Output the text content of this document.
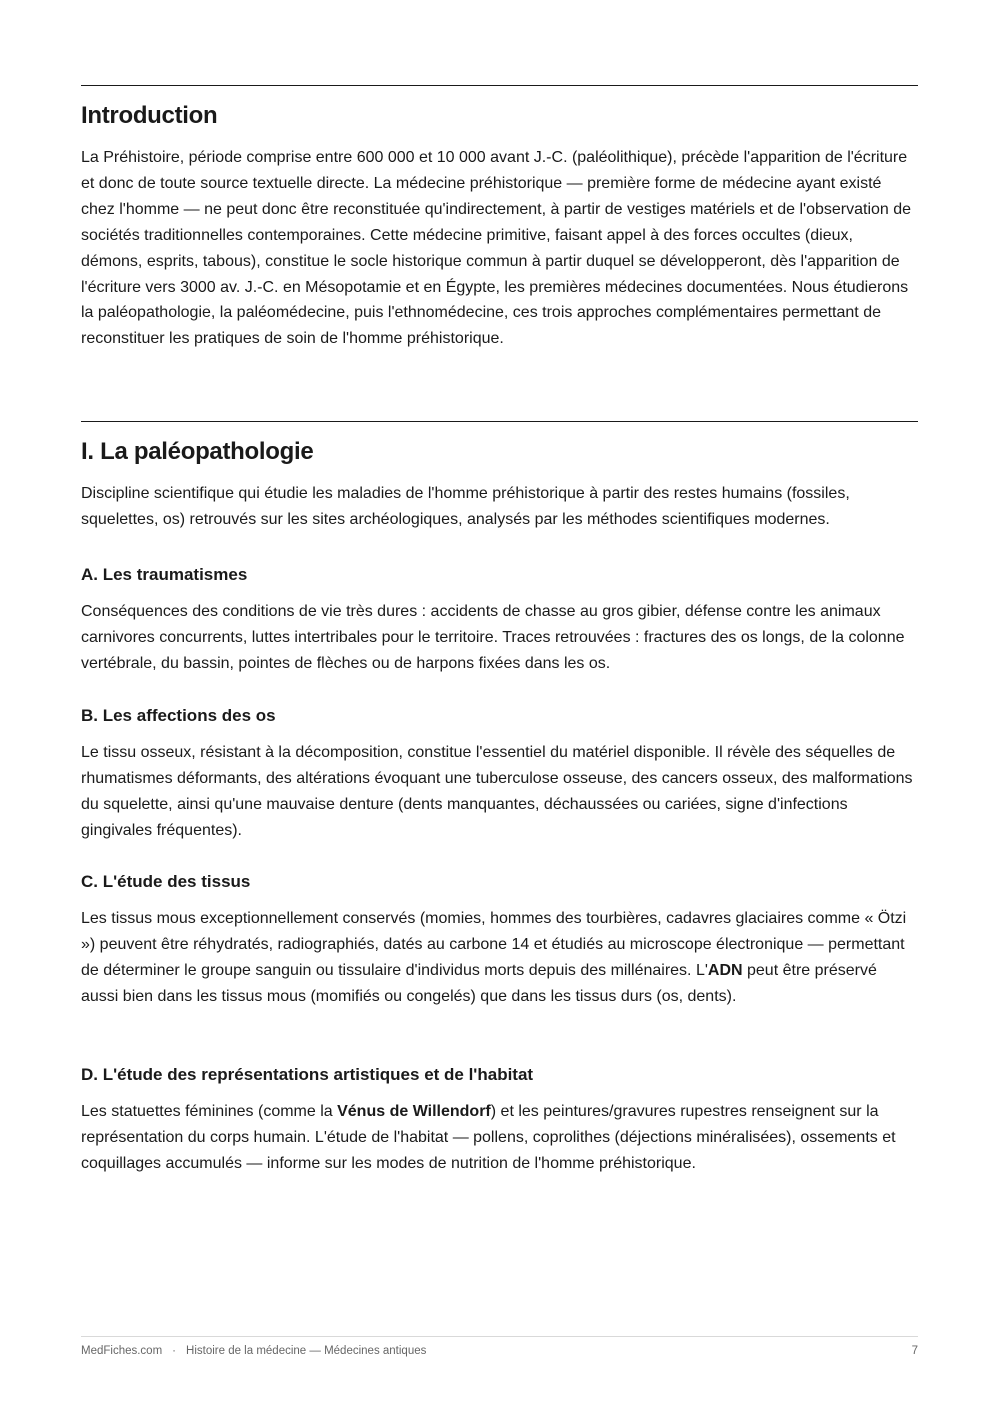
Introduction

La Préhistoire, période comprise entre 600 000 et 10 000 avant J.-C. (paléolithique), précède l'apparition de l'écriture et donc de toute source textuelle directe. La médecine préhistorique — première forme de médecine ayant existé chez l'homme — ne peut donc être reconstituée qu'indirectement, à partir de vestiges matériels et de l'observation de sociétés traditionnelles contemporaines. Cette médecine primitive, faisant appel à des forces occultes (dieux, démons, esprits, tabous), constitue le socle historique commun à partir duquel se développeront, dès l'apparition de l'écriture vers 3000 av. J.-C. en Mésopotamie et en Égypte, les premières médecines documentées. Nous étudierons la paléopathologie, la paléomédecine, puis l'ethnomédecine, ces trois approches complémentaires permettant de reconstituer les pratiques de soin de l'homme préhistorique.

I. La paléopathologie

Discipline scientifique qui étudie les maladies de l'homme préhistorique à partir des restes humains (fossiles, squelettes, os) retrouvés sur les sites archéologiques, analysés par les méthodes scientifiques modernes.

A. Les traumatismes

Conséquences des conditions de vie très dures : accidents de chasse au gros gibier, défense contre les animaux carnivores concurrents, luttes intertribales pour le territoire. Traces retrouvées : fractures des os longs, de la colonne vertébrale, du bassin, pointes de flèches ou de harpons fixées dans les os.

B. Les affections des os

Le tissu osseux, résistant à la décomposition, constitue l'essentiel du matériel disponible. Il révèle des séquelles de rhumatismes déformants, des altérations évoquant une tuberculose osseuse, des cancers osseux, des malformations du squelette, ainsi qu'une mauvaise denture (dents manquantes, déchaussées ou cariées, signe d'infections gingivales fréquentes).

C. L'étude des tissus

Les tissus mous exceptionnellement conservés (momies, hommes des tourbières, cadavres glaciaires comme « Ötzi ») peuvent être réhydratés, radiographiés, datés au carbone 14 et étudiés au microscope électronique — permettant de déterminer le groupe sanguin ou tissulaire d'individus morts depuis des millénaires. L'ADN peut être préservé aussi bien dans les tissus mous (momifiés ou congelés) que dans les tissus durs (os, dents).

D. L'étude des représentations artistiques et de l'habitat

Les statuettes féminines (comme la Vénus de Willendorf) et les peintures/gravures rupestres renseignent sur la représentation du corps humain. L'étude de l'habitat — pollens, coprolithes (déjections minéralisées), ossements et coquillages accumulés — informe sur les modes de nutrition de l'homme préhistorique.

MedFiches.com · Histoire de la médecine — Médecines antiques	7
